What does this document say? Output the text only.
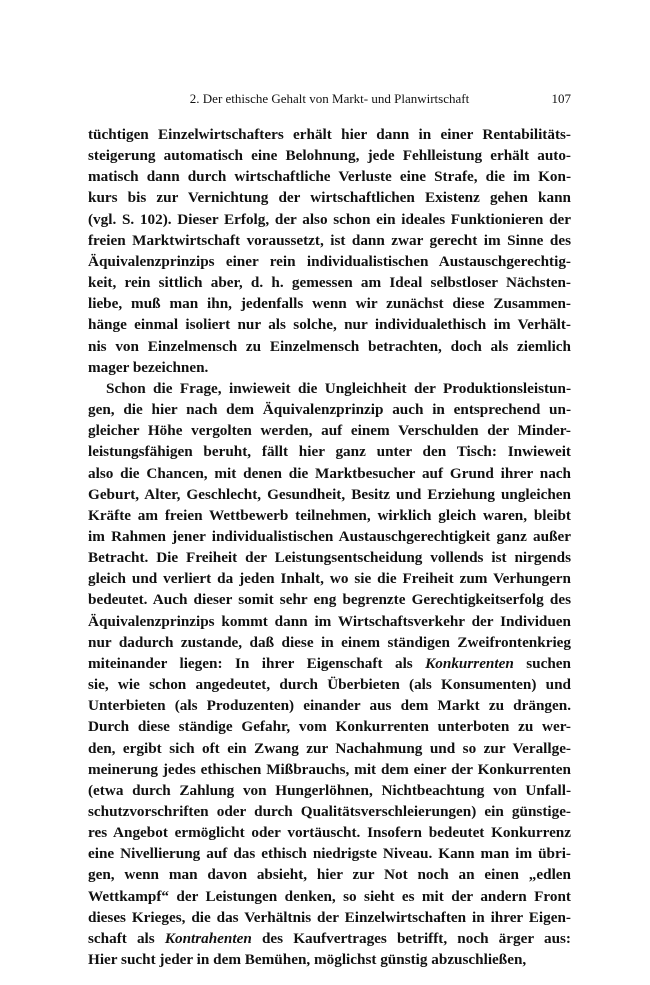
2. Der ethische Gehalt von Markt- und Planwirtschaft	107
tüchtigen Einzelwirtschafters erhält hier dann in einer Rentabilitäts-
steigerung automatisch eine Belohnung, jede Fehlleistung erhält auto-
matisch dann durch wirtschaftliche Verluste eine Strafe, die im Kon-
kurs bis zur Vernichtung der wirtschaftlichen Existenz gehen kann
(vgl. S. 102). Dieser Erfolg, der also schon ein ideales Funktionieren der
freien Marktwirtschaft voraussetzt, ist dann zwar gerecht im Sinne des
Äquivalenzprinzips einer rein individualistischen Austauschgerechtig-
keit, rein sittlich aber, d. h. gemessen am Ideal selbstloser Nächsten-
liebe, muß man ihn, jedenfalls wenn wir zunächst diese Zusammen-
hänge einmal isoliert nur als solche, nur individualethisch im Verhält-
nis von Einzelmensch zu Einzelmensch betrachten, doch als ziemlich
mager bezeichnen.
Schon die Frage, inwieweit die Ungleichheit der Produktionsleistun-
gen, die hier nach dem Äquivalenzprinzip auch in entsprechend un-
gleicher Höhe vergolten werden, auf einem Verschulden der Minder-
leistungsfähigen beruht, fällt hier ganz unter den Tisch: Inwieweit
also die Chancen, mit denen die Marktbesucher auf Grund ihrer nach
Geburt, Alter, Geschlecht, Gesundheit, Besitz und Erziehung ungleichen
Kräfte am freien Wettbewerb teilnehmen, wirklich gleich waren, bleibt
im Rahmen jener individualistischen Austauschgerechtigkeit ganz außer
Betracht. Die Freiheit der Leistungsentscheidung vollends ist nirgends
gleich und verliert da jeden Inhalt, wo sie die Freiheit zum Verhungern
bedeutet. Auch dieser somit sehr eng begrenzte Gerechtigkeitserfolg des
Äquivalenzprinzips kommt dann im Wirtschaftsverkehr der Individuen
nur dadurch zustande, daß diese in einem ständigen Zweifrontenkrieg
miteinander liegen: In ihrer Eigenschaft als Konkurrenten suchen
sie, wie schon angedeutet, durch Überbieten (als Konsumenten) und
Unterbieten (als Produzenten) einander aus dem Markt zu drängen.
Durch diese ständige Gefahr, vom Konkurrenten unterboten zu wer-
den, ergibt sich oft ein Zwang zur Nachahmung und so zur Verallge-
meinerung jedes ethischen Mißbrauchs, mit dem einer der Konkurrenten
(etwa durch Zahlung von Hungerlöhnen, Nichtbeachtung von Unfall-
schutzvorschriften oder durch Qualitätsverschleierungen) ein günstige-
res Angebot ermöglicht oder vortäuscht. Insofern bedeutet Konkurrenz
eine Nivellierung auf das ethisch niedrigste Niveau. Kann man im übri-
gen, wenn man davon absieht, hier zur Not noch an einen „edlen
Wettkampf“ der Leistungen denken, so sieht es mit der andern Front
dieses Krieges, die das Verhältnis der Einzelwirtschaften in ihrer Eigen-
schaft als Kontrahenten des Kaufvertrages betrifft, noch ärger aus:
Hier sucht jeder in dem Bemühen, möglichst günstig abzuschließen,
